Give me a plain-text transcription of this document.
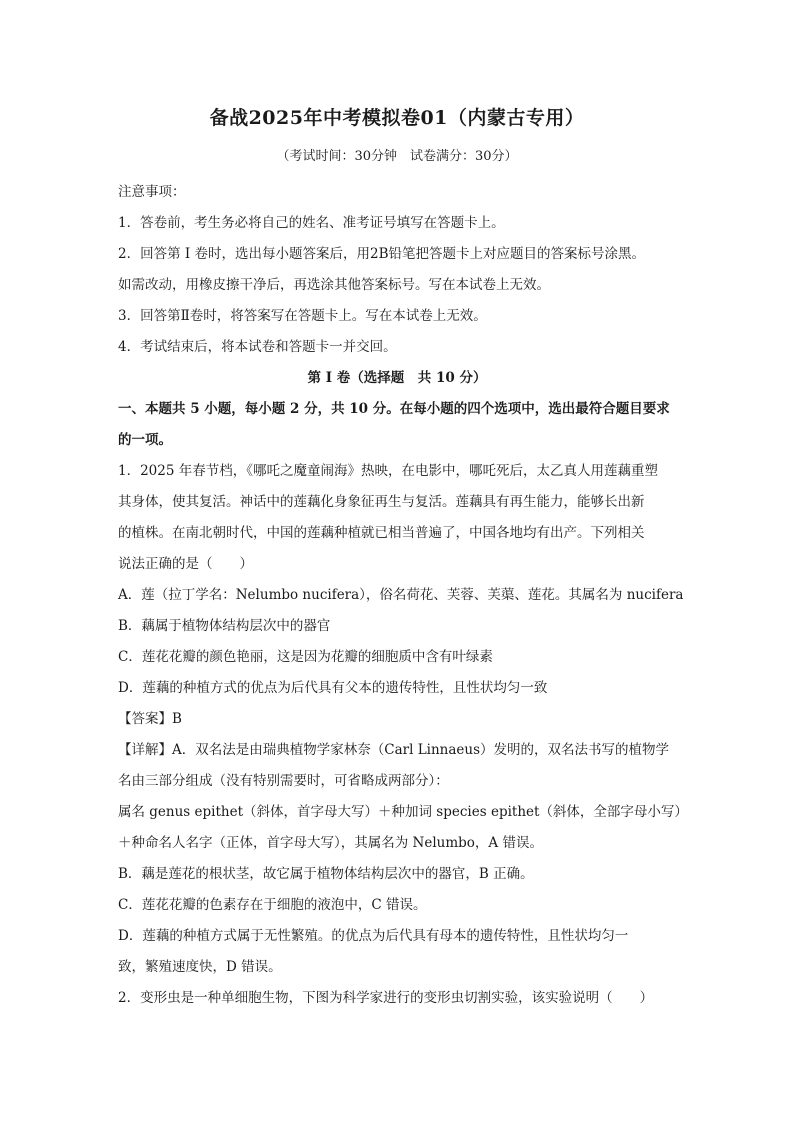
备战2025年中考模拟卷01（内蒙古专用）
（考试时间：30分钟　试卷满分：30分）
注意事项：
1．答卷前，考生务必将自己的姓名、准考证号填写在答题卡上。
2．回答第 I 卷时，选出每小题答案后，用2B铅笔把答题卡上对应题目的答案标号涂黑。
如需改动，用橡皮擦干净后，再选涂其他答案标号。写在本试卷上无效。
3．回答第Ⅱ卷时，将答案写在答题卡上。写在本试卷上无效。
4．考试结束后，将本试卷和答题卡一并交回。
第 I 卷（选择题　共 10 分）
一、本题共 5 小题，每小题 2 分，共 10 分。在每小题的四个选项中，选出最符合题目要求
的一项。
1．2025 年春节档，《哪吒之魔童闹海》热映，在电影中，哪吒死后，太乙真人用莲藕重塑
其身体，使其复活。神话中的莲藕化身象征再生与复活。莲藕具有再生能力，能够长出新
的植株。在南北朝时代，中国的莲藕种植就已相当普遍了，中国各地均有出产。下列相关
说法正确的是（　　）
A．莲（拉丁学名：Nelumbo nucifera），俗名荷花、芙蓉、芙蕖、莲花。其属名为 nucifera
B．藕属于植物体结构层次中的器官
C．莲花花瓣的颜色艳丽，这是因为花瓣的细胞质中含有叶绿素
D．莲藕的种植方式的优点为后代具有父本的遗传特性，且性状均匀一致
【答案】B
【详解】A．双名法是由瑞典植物学家林奈（Carl Linnaeus）发明的，双名法书写的植物学
名由三部分组成（没有特别需要时，可省略成两部分）：
属名 genus epithet（斜体，首字母大写）＋种加词 species epithet（斜体，全部字母小写）
＋种命名人名字（正体，首字母大写），其属名为 Nelumbo，A 错误。
B．藕是莲花的根状茎，故它属于植物体结构层次中的器官，B 正确。
C．莲花花瓣的色素存在于细胞的液泡中，C 错误。
D．莲藕的种植方式属于无性繁殖。的优点为后代具有母本的遗传特性，且性状均匀一
致，繁殖速度快，D 错误。
2．变形虫是一种单细胞生物，下图为科学家进行的变形虫切割实验，该实验说明（　　）
